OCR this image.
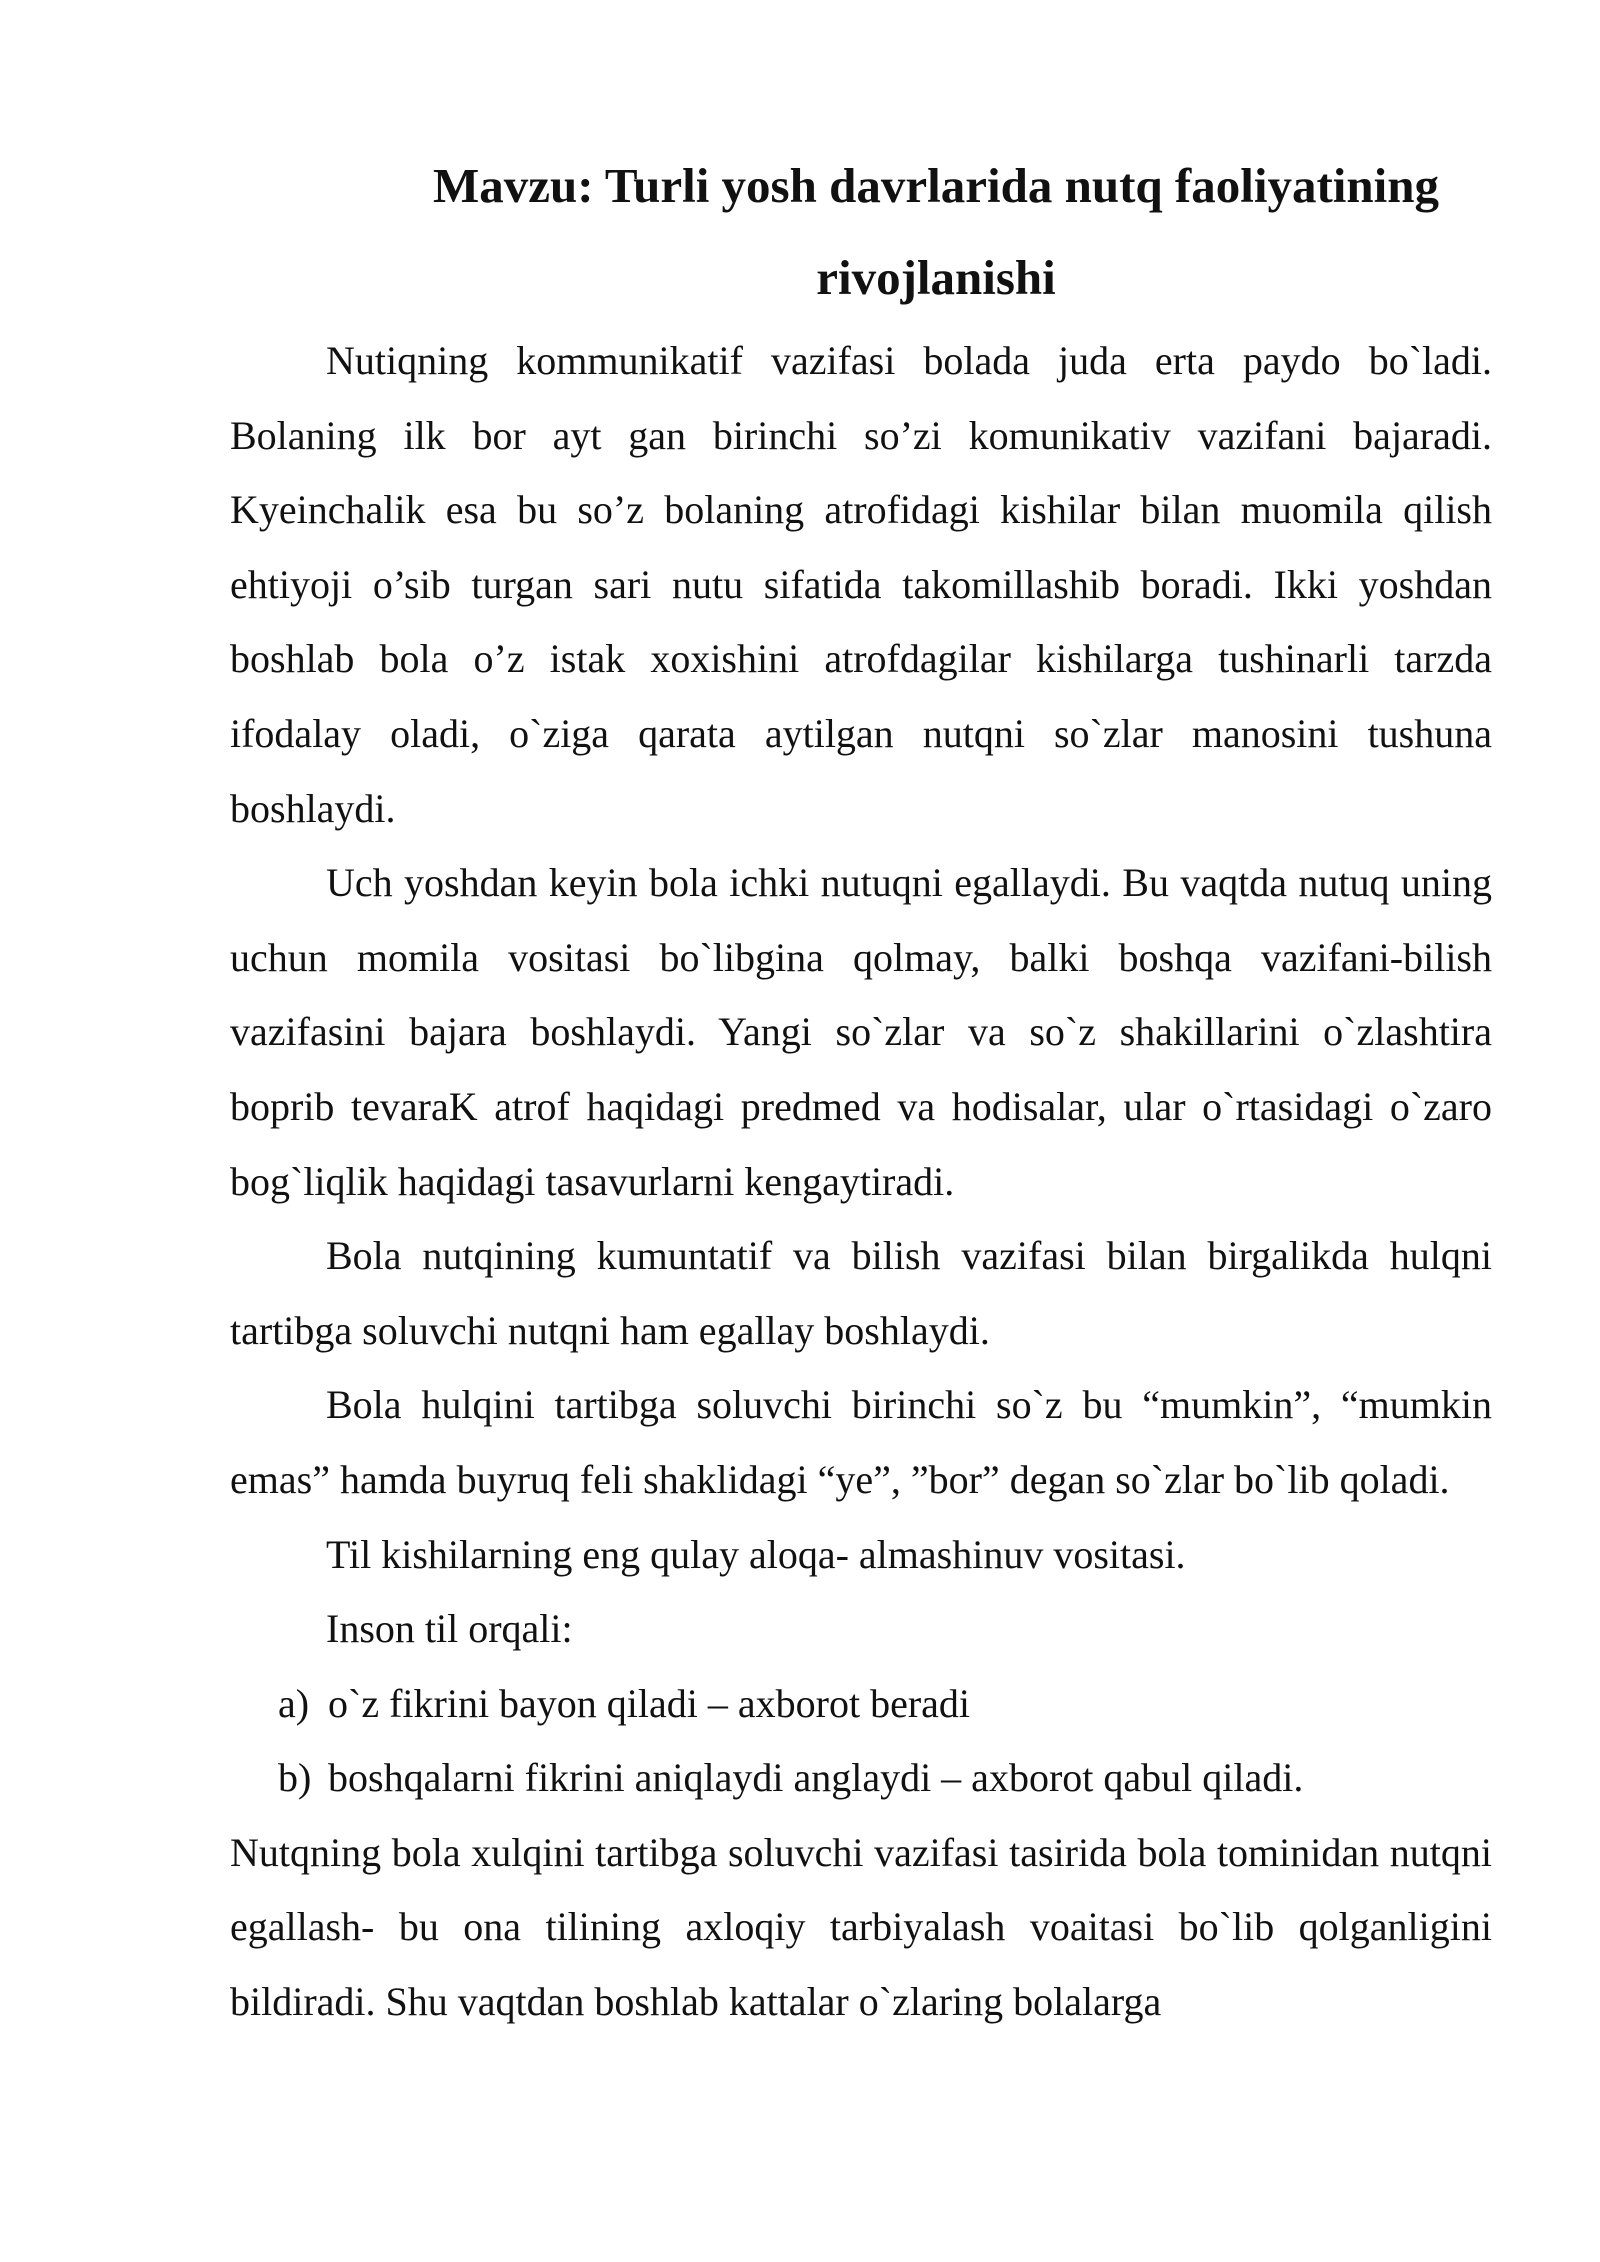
Mavzu: Turli yosh davrlarida nutq faoliyatining
rivojlanishi

Nutiqning kommunikatif vazifasi bolada juda erta paydo bo`ladi. Bolaning ilk bor ayt gan birinchi so’zi komunikativ vazifani bajaradi. Kyeinchalik esa bu so’z bolaning atrofidagi kishilar bilan muomila qilish ehtiyoji o’sib turgan sari nutu sifatida takomillashib boradi. Ikki yoshdan boshlab bola o’z istak xoxishini atrofdagilar kishilarga tushinarli tarzda ifodalay oladi, o`ziga qarata aytilgan nutqni so`zlar manosini tushuna boshlaydi.

Uch yoshdan keyin bola ichki nutuqni egallaydi. Bu vaqtda nutuq uning uchun momila vositasi bo`libgina qolmay, balki boshqa vazifani-bilish vazifasini bajara boshlaydi. Yangi so`zlar va so`z shakillarini o`zlashtira boprib tevaraK atrof haqidagi predmed va hodisalar, ular o`rtasidagi o`zaro bog`liqlik haqidagi tasavurlarni kengaytiradi.

Bola nutqining kumuntatif va bilish vazifasi bilan birgalikda hulqni tartibga soluvchi nutqni ham egallay boshlaydi.

Bola hulqini tartibga soluvchi birinchi so`z bu “mumkin”, “mumkin emas” hamda buyruq feli shaklidagi “ye”, ”bor” degan so`zlar bo`lib qoladi.

Til kishilarning eng qulay aloqa- almashinuv vositasi.

Inson til orqali:

a) o`z fikrini bayon qiladi – axborot beradi
b) boshqalarni fikrini aniqlaydi anglaydi – axborot qabul qiladi.

Nutqning bola xulqini tartibga soluvchi vazifasi tasirida bola tominidan nutqni egallash- bu ona tilining axloqiy tarbiyalash voaitasi bo`lib qolganligini bildiradi. Shu vaqtdan boshlab kattalar o`zlaring bolalarga
